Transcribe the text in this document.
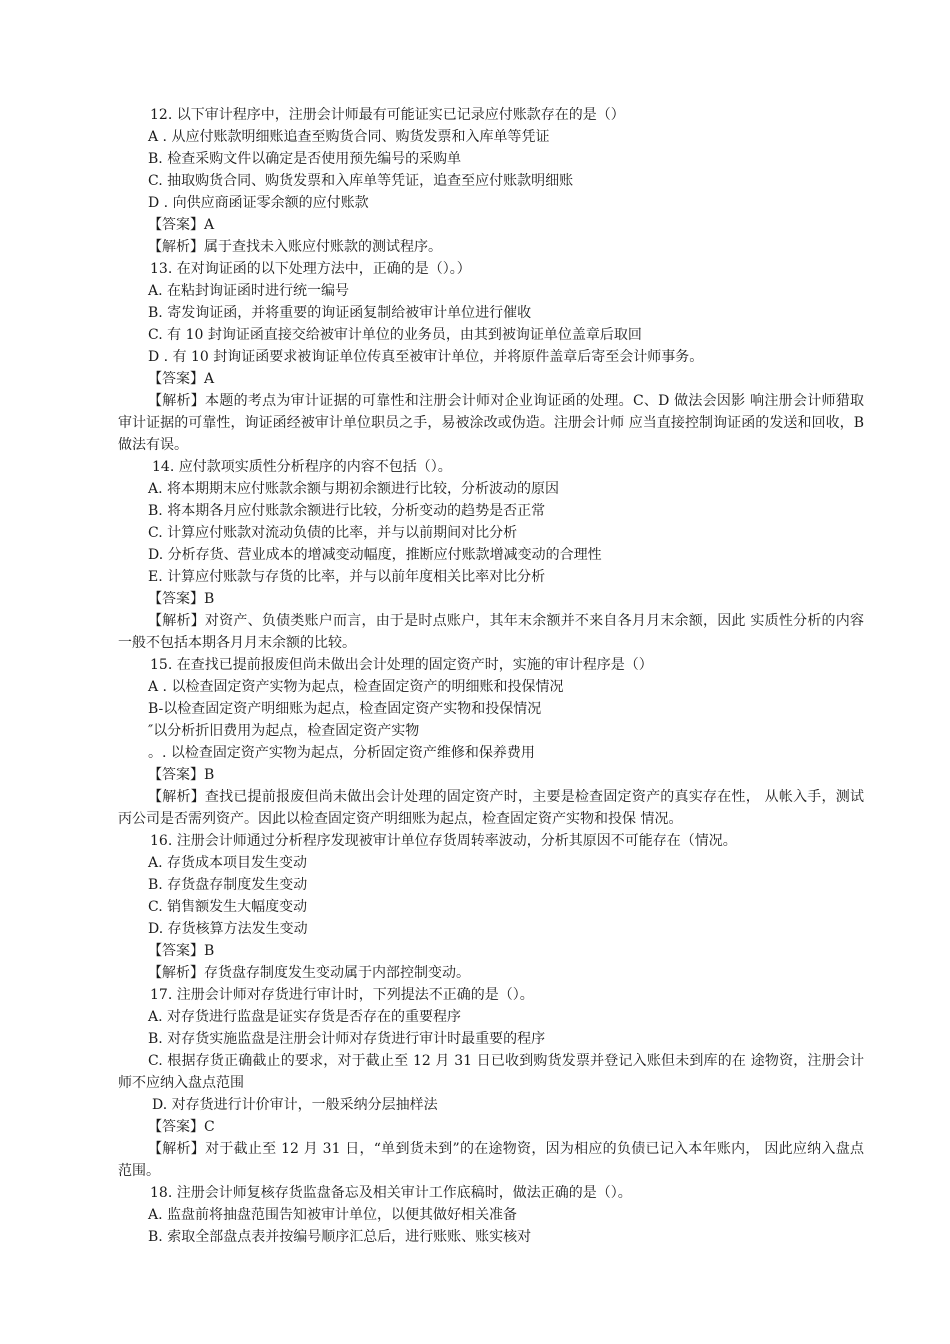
12. 以下审计程序中，注册会计师最有可能证实已记录应付账款存在的是（）
A . 从应付账款明细账追查至购货合同、购货发票和入库单等凭证
B. 检查采购文件以确定是否使用预先编号的采购单
C. 抽取购货合同、购货发票和入库单等凭证，追查至应付账款明细账
D . 向供应商函证零余额的应付账款
【答案】A
【解析】属于查找未入账应付账款的测试程序。
13. 在对询证函的以下处理方法中，正确的是（）。）
A. 在粘封询证函时进行统一编号
B. 寄发询证函，并将重要的询证函复制给被审计单位进行催收
C. 有 10 封询证函直接交给被审计单位的业务员，由其到被询证单位盖章后取回
D . 有 10 封询证函要求被询证单位传真至被审计单位，并将原件盖章后寄至会计师事务。
【答案】A
【解析】本题的考点为审计证据的可靠性和注册会计师对企业询证函的处理。C、D 做法会因影 响注册会计师猎取审计证据的可靠性，询证函经被审计单位职员之手，易被涂改或伪造。注册会计师 应当直接控制询证函的发送和回收，B 做法有误。
14. 应付款项实质性分析程序的内容不包括（）。
A. 将本期期末应付账款余额与期初余额进行比较，分析波动的原因
B. 将本期各月应付账款余额进行比较，分析变动的趋势是否正常
C. 计算应付账款对流动负债的比率，并与以前期间对比分析
D. 分析存货、营业成本的增减变动幅度，推断应付账款增减变动的合理性
E. 计算应付账款与存货的比率，并与以前年度相关比率对比分析
【答案】B
【解析】对资产、负债类账户而言，由于是时点账户，其年末余额并不来自各月月末余额，因此 实质性分析的内容一般不包括本期各月月末余额的比较。
15. 在查找已提前报废但尚未做出会计处理的固定资产时，实施的审计程序是（）
A . 以检查固定资产实物为起点，检查固定资产的明细账和投保情况
B-以检查固定资产明细账为起点，检查固定资产实物和投保情况
″以分析折旧费用为起点，检查固定资产实物
。. 以检查固定资产实物为起点，分析固定资产维修和保养费用
【答案】B
【解析】查找已提前报废但尚未做出会计处理的固定资产时，主要是检查固定资产的真实存在性， 从帐入手，测试丙公司是否需列资产。因此以检查固定资产明细账为起点，检查固定资产实物和投保 情况。
16. 注册会计师通过分析程序发现被审计单位存货周转率波动，分析其原因不可能存在（情况。
A. 存货成本项目发生变动
B. 存货盘存制度发生变动
C. 销售额发生大幅度变动
D. 存货核算方法发生变动
【答案】B
【解析】存货盘存制度发生变动属于内部控制变动。
17. 注册会计师对存货进行审计时，下列提法不正确的是（）。
A. 对存货进行监盘是证实存货是否存在的重要程序
B. 对存货实施监盘是注册会计师对存货进行审计时最重要的程序
C. 根据存货正确截止的要求，对于截止至 12 月 31 日已收到购货发票并登记入账但未到库的在 途物资，注册会计师不应纳入盘点范围
D. 对存货进行计价审计，一般采纳分层抽样法
【答案】C
【解析】对于截止至 12 月 31 日，“单到货未到”的在途物资，因为相应的负债已记入本年账内， 因此应纳入盘点范围。
18. 注册会计师复核存货监盘备忘及相关审计工作底稿时，做法正确的是（）。
A. 监盘前将抽盘范围告知被审计单位，以便其做好相关准备
B. 索取全部盘点表并按编号顺序汇总后，进行账账、账实核对
